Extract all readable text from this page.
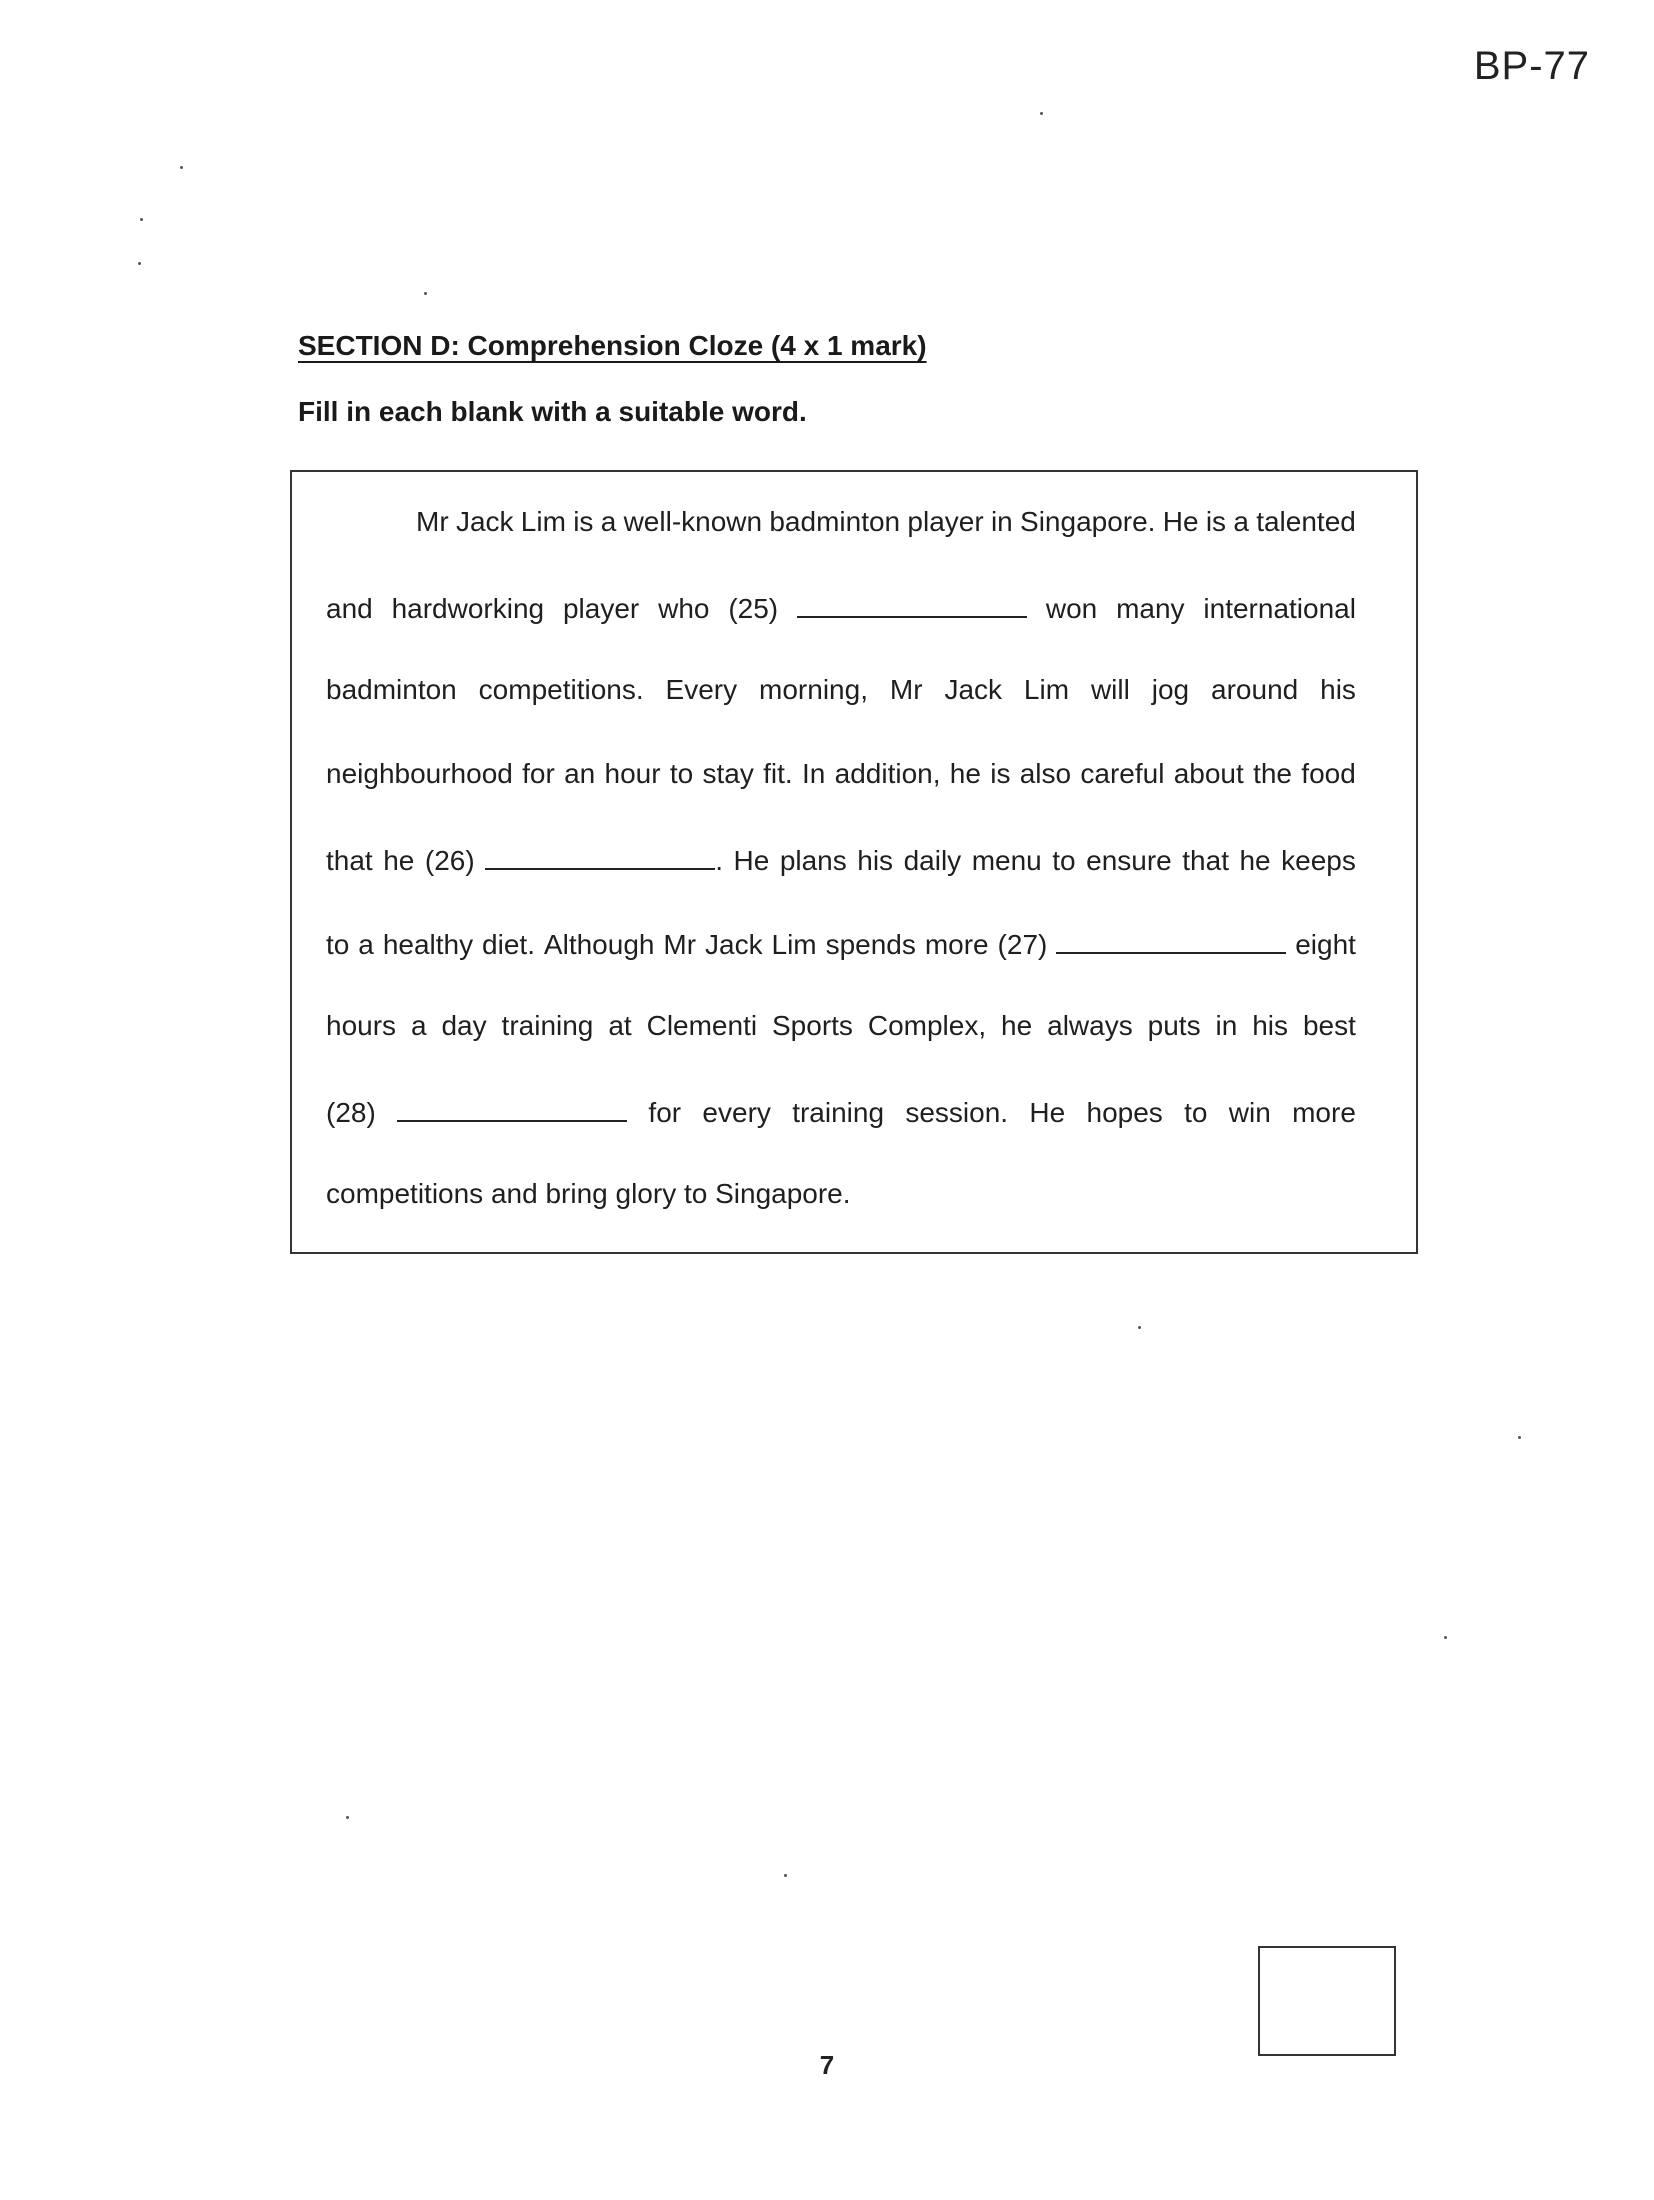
BP-77
SECTION D: Comprehension Cloze (4 x 1 mark)
Fill in each blank with a suitable word.
Mr Jack Lim is a well-known badminton player in Singapore. He is a talented
and hardworking player who (25)	won many international
badminton competitions. Every morning, Mr Jack Lim will jog around his
neighbourhood for an hour to stay fit. In addition, he is also careful about the food
that he (26)	. He plans his daily menu to ensure that he keeps
to a healthy diet. Although Mr Jack Lim spends more (27)	eight
hours a day training at Clementi Sports Complex, he always puts in his best
(28)	for every training session. He hopes to win more
competitions and bring glory to Singapore.
7
